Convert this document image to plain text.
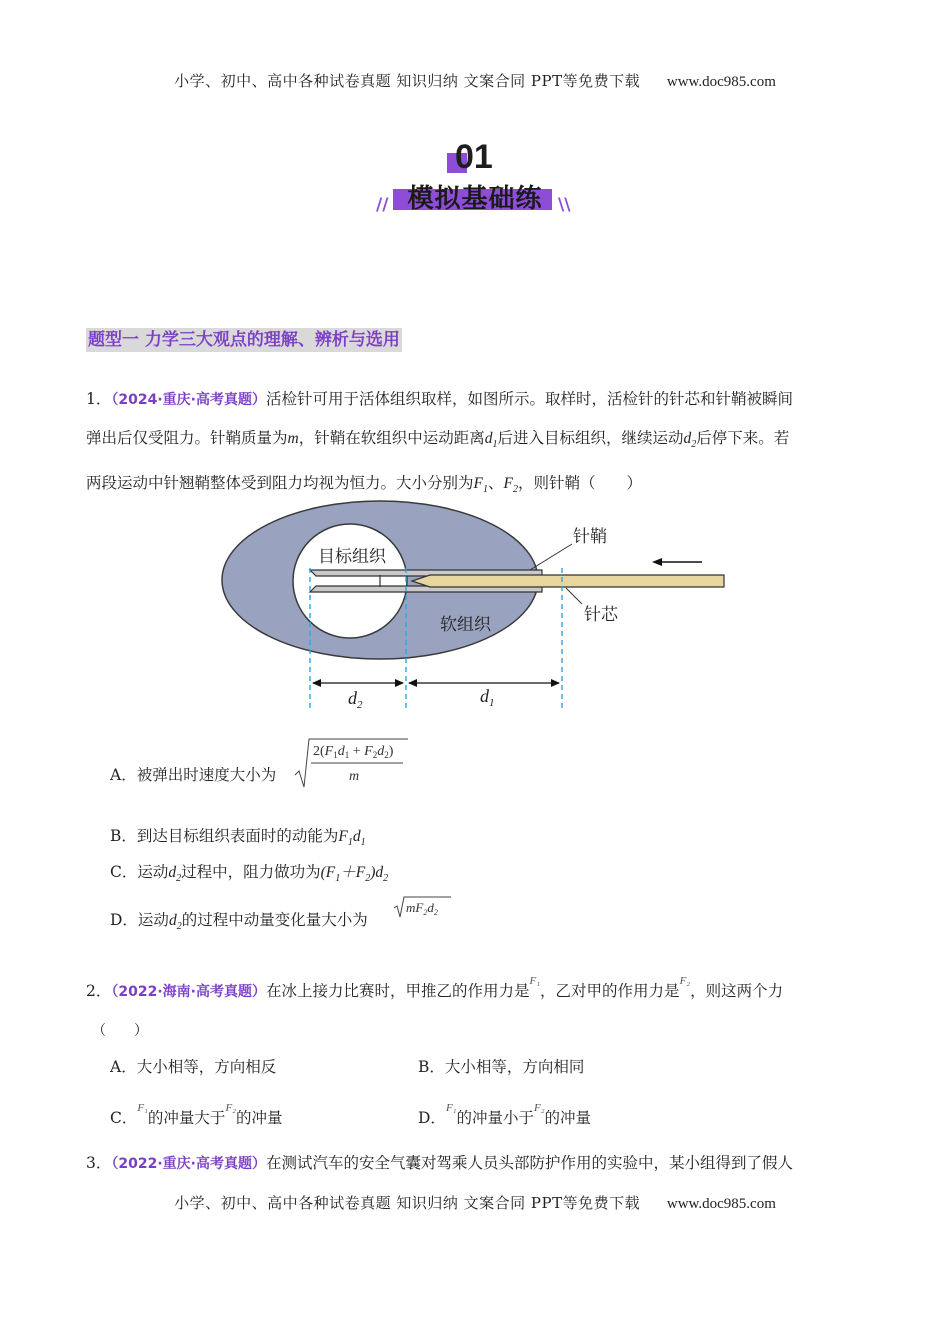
小学、初中、高中各种试卷真题 知识归纳 文案合同 PPT等免费下载 www.doc985.com
01
// 模拟基础练 \\
题型一 力学三大观点的理解、辨析与选用
1．（2024·重庆·高考真题）活检针可用于活体组织取样，如图所示。取样时，活检针的针芯和针鞘被瞬间
弹出后仅受阻力。针鞘质量为m，针鞘在软组织中运动距离$d_1$后进入目标组织，继续运动$d_2$后停下来。若
两段运动中针翘鞘整体受到阻力均视为恒力。大小分别为$F_1$、$F_2$，则针鞘（　　）
目标组织
针鞘
针芯
软组织
$d_2$	$d_1$
A．被弹出时速度大小为
$2(F_1d_1 + F_2d_2)$
m
B．到达目标组织表面时的动能为$F_1d_1$
C．运动$d_2$过程中，阻力做功为$(F_1+F_2)d_2$
D．运动$d_2$的过程中动量变化量大小为
$mF_2d_2$
2．（2022·海南·高考真题）在冰上接力比赛时，甲推乙的作用力是$^{F_1}$，乙对甲的作用力是$^{F_2}$，则这两个力
（　　）
A．大小相等，方向相反	B．大小相等，方向相同
C．$^{F_1}$的冲量大于$^{F_2}$的冲量	D．$^{F_1}$的冲量小于$^{F_2}$的冲量
3．（2022·重庆·高考真题）在测试汽车的安全气囊对驾乘人员头部防护作用的实验中，某小组得到了假人
小学、初中、高中各种试卷真题 知识归纳 文案合同 PPT等免费下载 www.doc985.com
